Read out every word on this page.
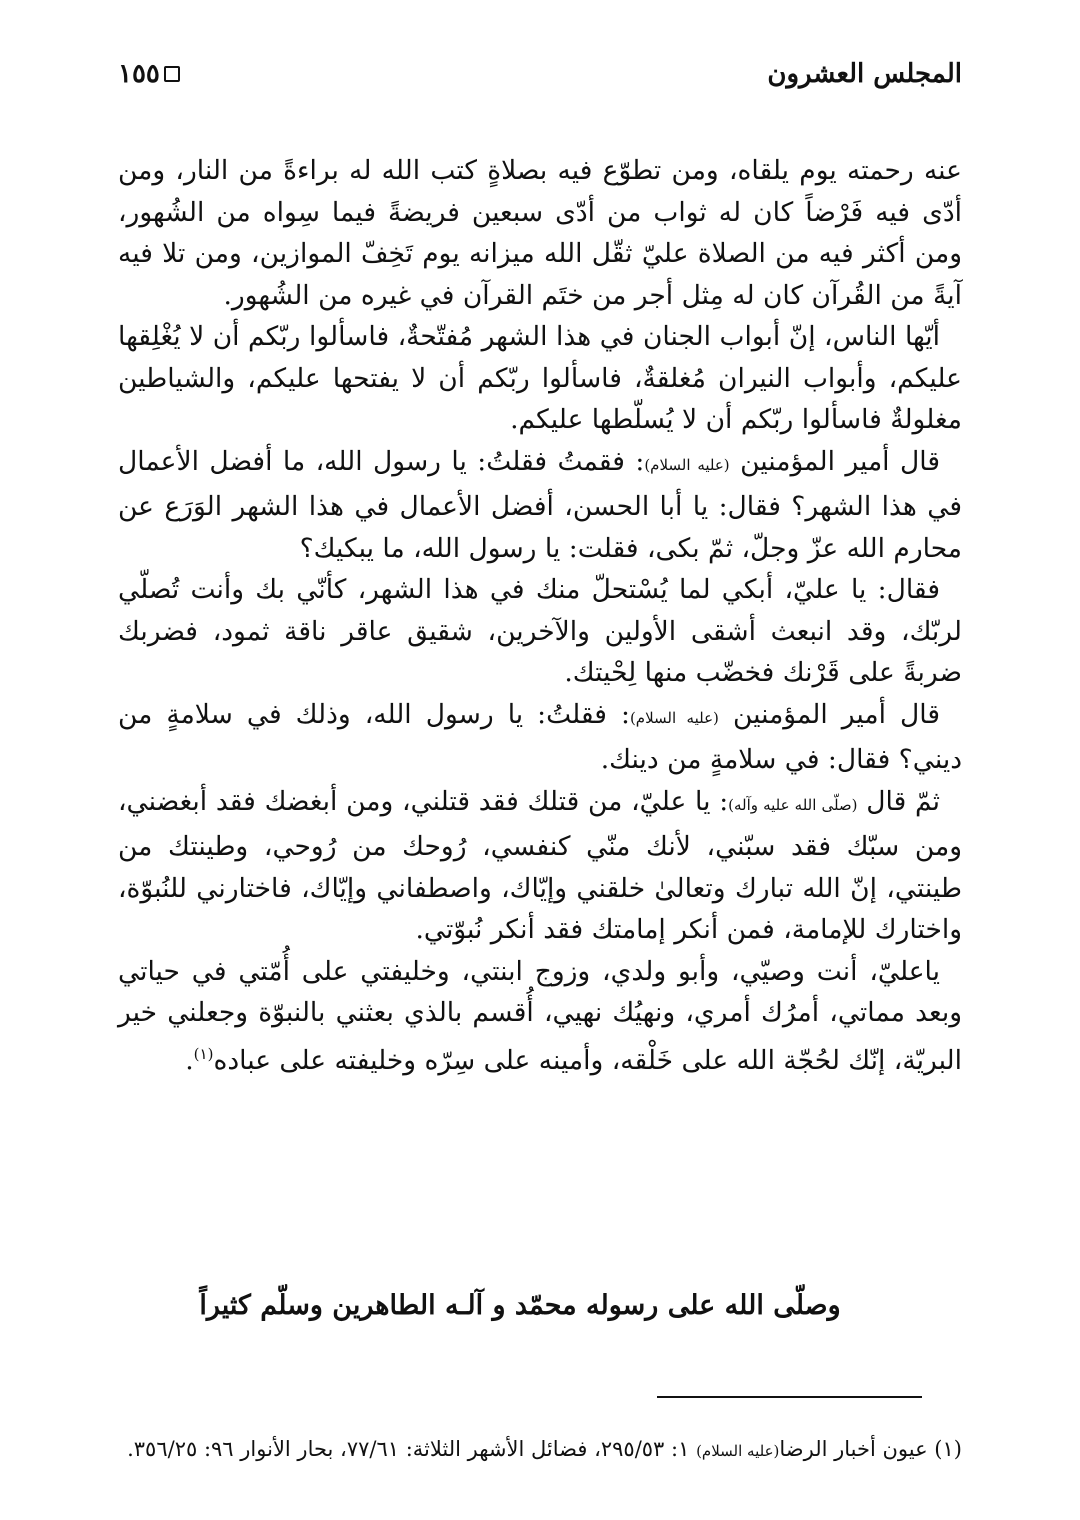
المجلس العشرون
١٥٥

عنه رحمته يوم يلقاه، ومن تطوّع فيه بصلاةٍ كتب الله له براءةً من النار، ومن أدّى فيه فَرْضاً كان له ثواب من أدّى سبعين فريضةً فيما سِواه من الشُهور، ومن أكثر فيه من الصلاة عليّ ثقّل الله ميزانه يوم تَخِفّ الموازين، ومن تلا فيه آيةً من القُرآن كان له مِثل أجر من ختَم القرآن في غيره من الشُهور.

أيّها الناس، إنّ أبواب الجنان في هذا الشهر مُفتّحةٌ، فاسألوا ربّكم أن لا يُغْلِقها عليكم، وأبواب النيران مُغلقةٌ، فاسألوا ربّكم أن لا يفتحها عليكم، والشياطين مغلولةٌ فاسألوا ربّكم أن لا يُسلّطها عليكم.

قال أمير المؤمنين (عليه السلام): فقمتُ فقلتُ: يا رسول الله، ما أفضل الأعمال في هذا الشهر؟ فقال: يا أبا الحسن، أفضل الأعمال في هذا الشهر الوَرَع عن محارم الله عزّ وجلّ، ثمّ بكى، فقلت: يا رسول الله، ما يبكيك؟

فقال: يا عليّ، أبكي لما يُسْتحلّ منك في هذا الشهر، كأنّي بك وأنت تُصلّي لربّك، وقد انبعث أشقى الأولين والآخرين، شقيق عاقر ناقة ثمود، فضربك ضربةً على قَرْنك فخضّب منها لِحْيتك.

قال أمير المؤمنين (عليه السلام): فقلتُ: يا رسول الله، وذلك في سلامةٍ من ديني؟ فقال: في سلامةٍ من دينك.

ثمّ قال (صلّى الله عليه وآله): يا عليّ، من قتلك فقد قتلني، ومن أبغضك فقد أبغضني، ومن سبّك فقد سبّني، لأنك منّي كنفسي، رُوحك من رُوحي، وطينتك من طينتي، إنّ الله تبارك وتعالىٰ خلقني وإيّاك، واصطفاني وإيّاك، فاختارني للنُبوّة، واختارك للإمامة، فمن أنكر إمامتك فقد أنكر نُبوّتي.

ياعليّ، أنت وصيّي، وأبو ولدي، وزوج ابنتي، وخليفتي على أُمّتي في حياتي وبعد مماتي، أمرُك أمري، ونهيُك نهيي، أُقسم بالذي بعثني بالنبوّة وجعلني خير البريّة، إنّك لحُجّة الله على خَلْقه، وأمينه على سِرّه وخليفته على عباده$^{(١)}$.

وصلّى الله على رسوله محمّد و آلـه الطاهرين وسلّم كثيراً
(١) عيون أخبار الرضا(عليه السلام) ١: ٢٩٥/٥٣، فضائل الأشهر الثلاثة: ٧٧/٦١، بحار الأنوار ٩٦: ٣٥٦/٢٥.
